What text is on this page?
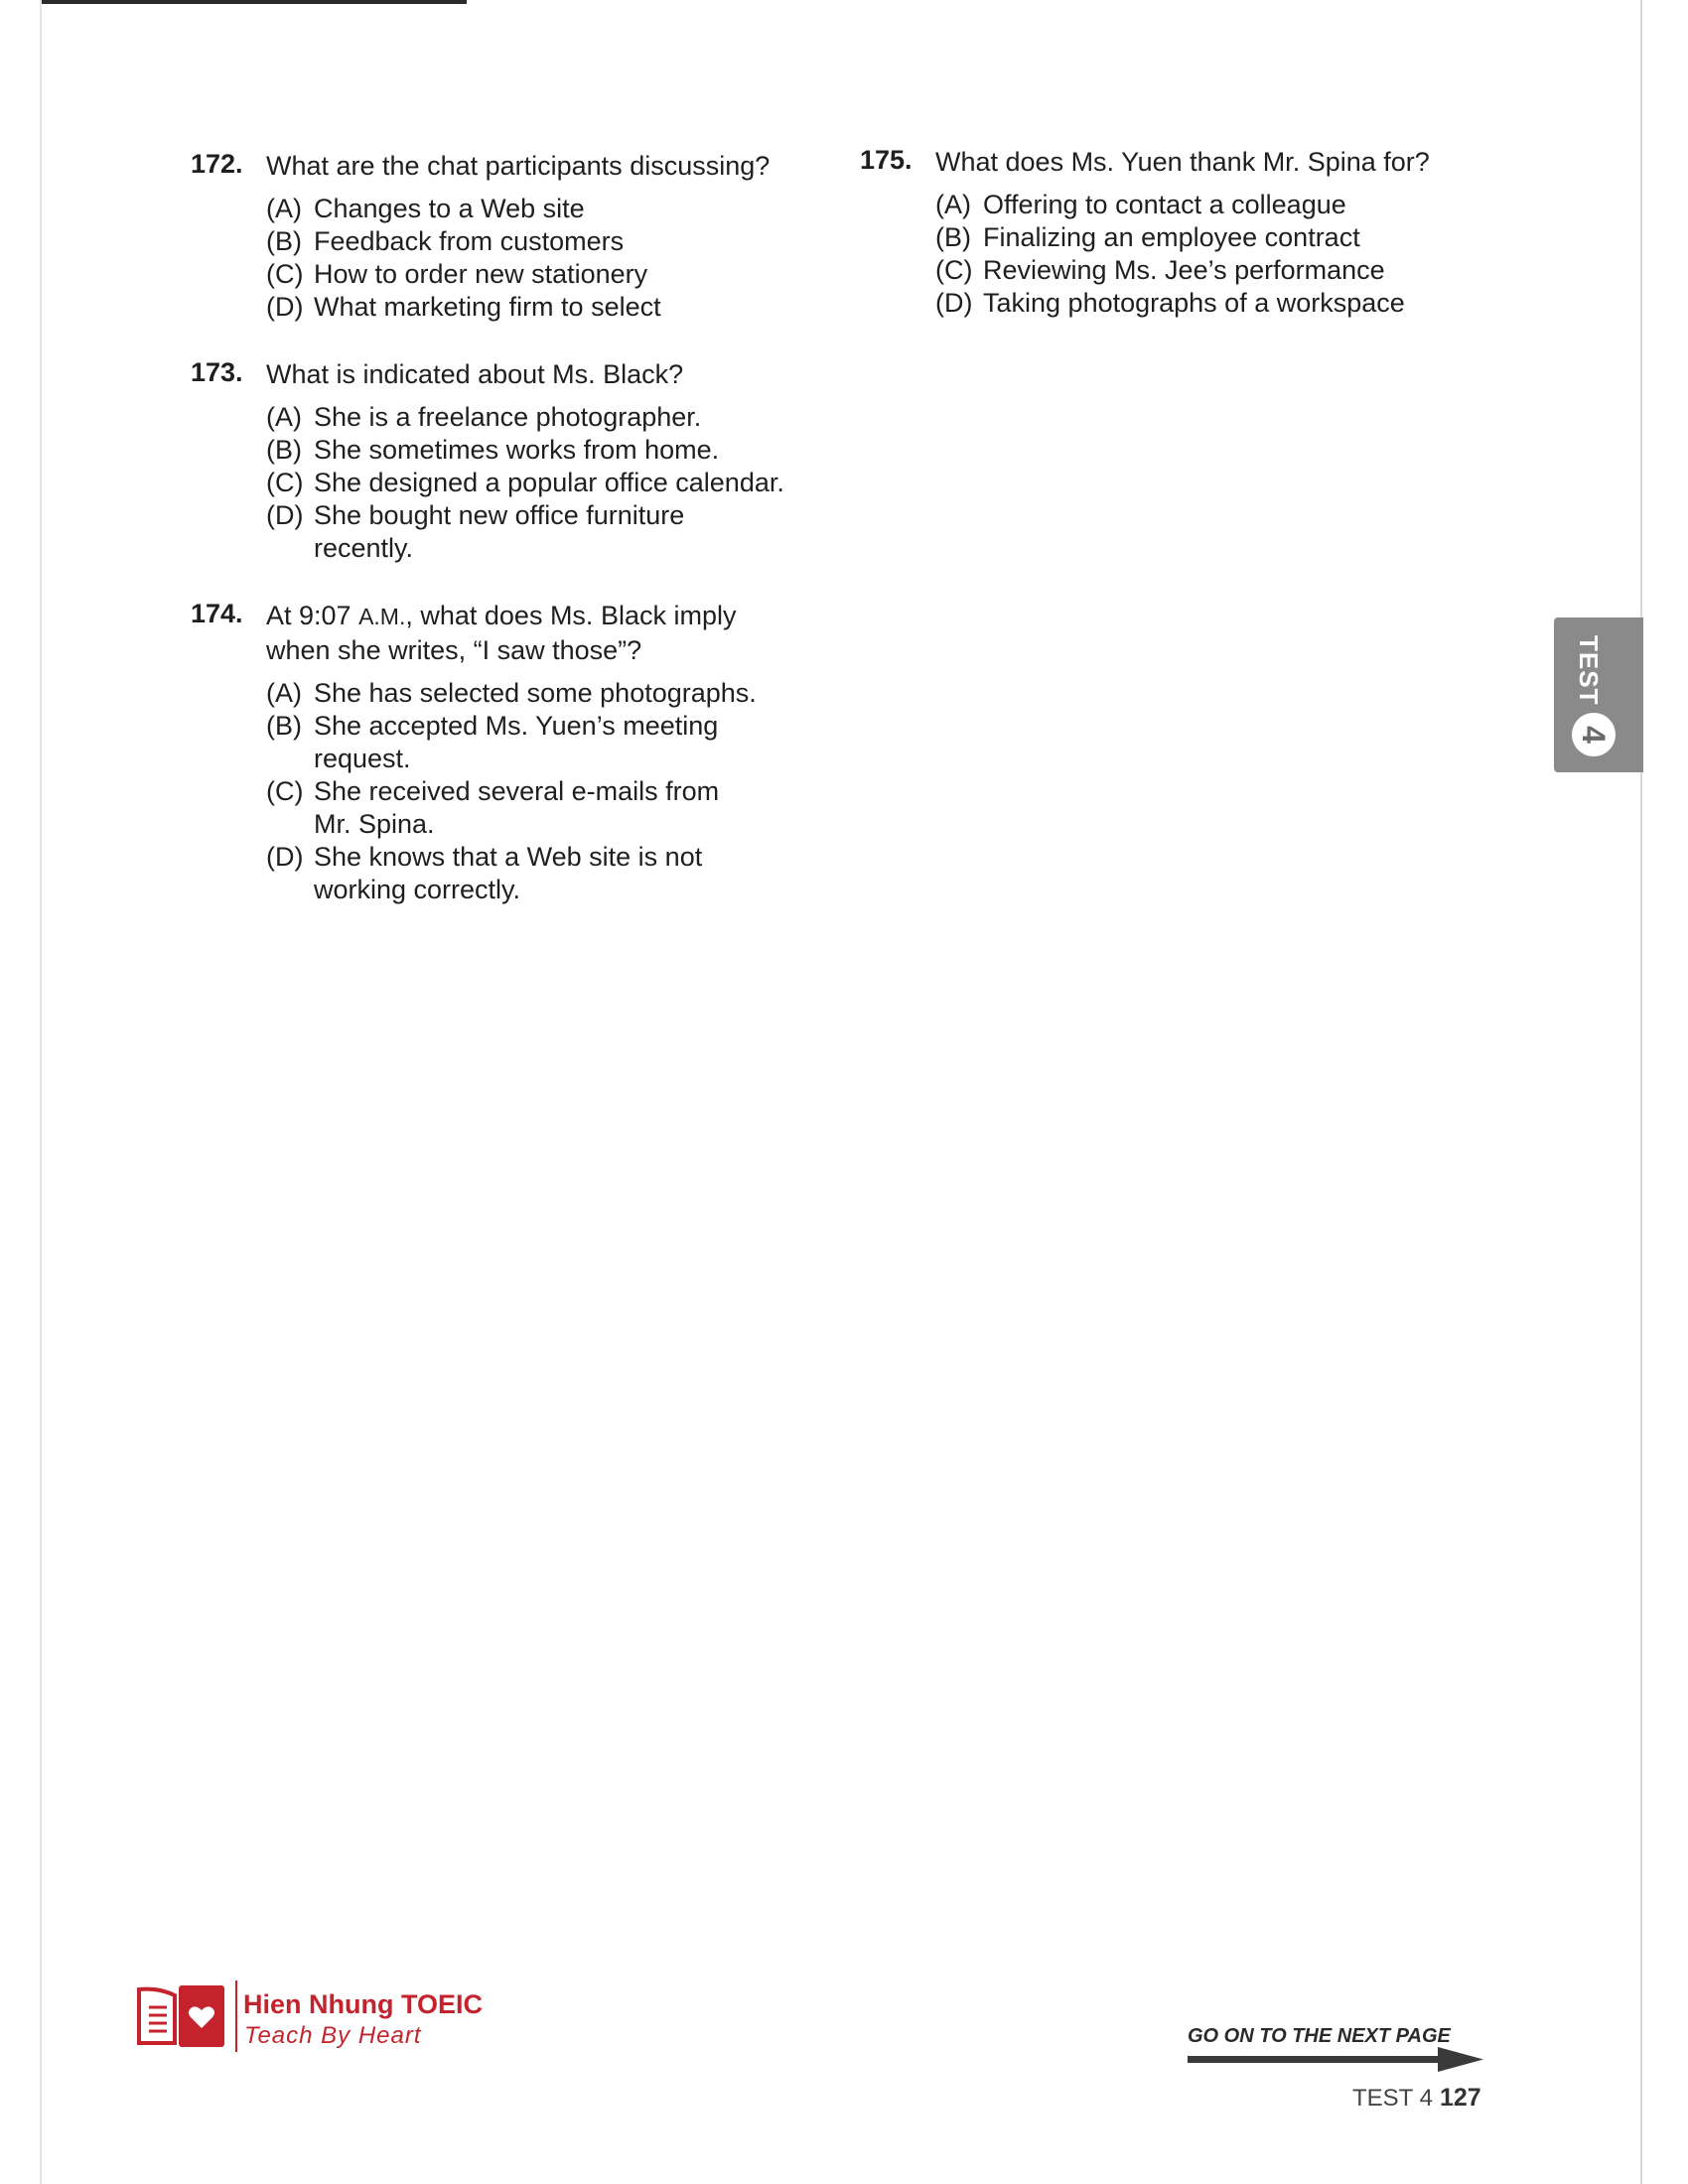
172. What are the chat participants discussing?
(A) Changes to a Web site
(B) Feedback from customers
(C) How to order new stationery
(D) What marketing firm to select
173. What is indicated about Ms. Black?
(A) She is a freelance photographer.
(B) She sometimes works from home.
(C) She designed a popular office calendar.
(D) She bought new office furniture recently.
174. At 9:07 A.M., what does Ms. Black imply when she writes, “I saw those”?
(A) She has selected some photographs.
(B) She accepted Ms. Yuen’s meeting request.
(C) She received several e-mails from Mr. Spina.
(D) She knows that a Web site is not working correctly.
175. What does Ms. Yuen thank Mr. Spina for?
(A) Offering to contact a colleague
(B) Finalizing an employee contract
(C) Reviewing Ms. Jee’s performance
(D) Taking photographs of a workspace
TEST
4
Hien Nhung TOEIC
Teach By Heart	GO ON TO THE NEXT PAGE
TEST 4 127
